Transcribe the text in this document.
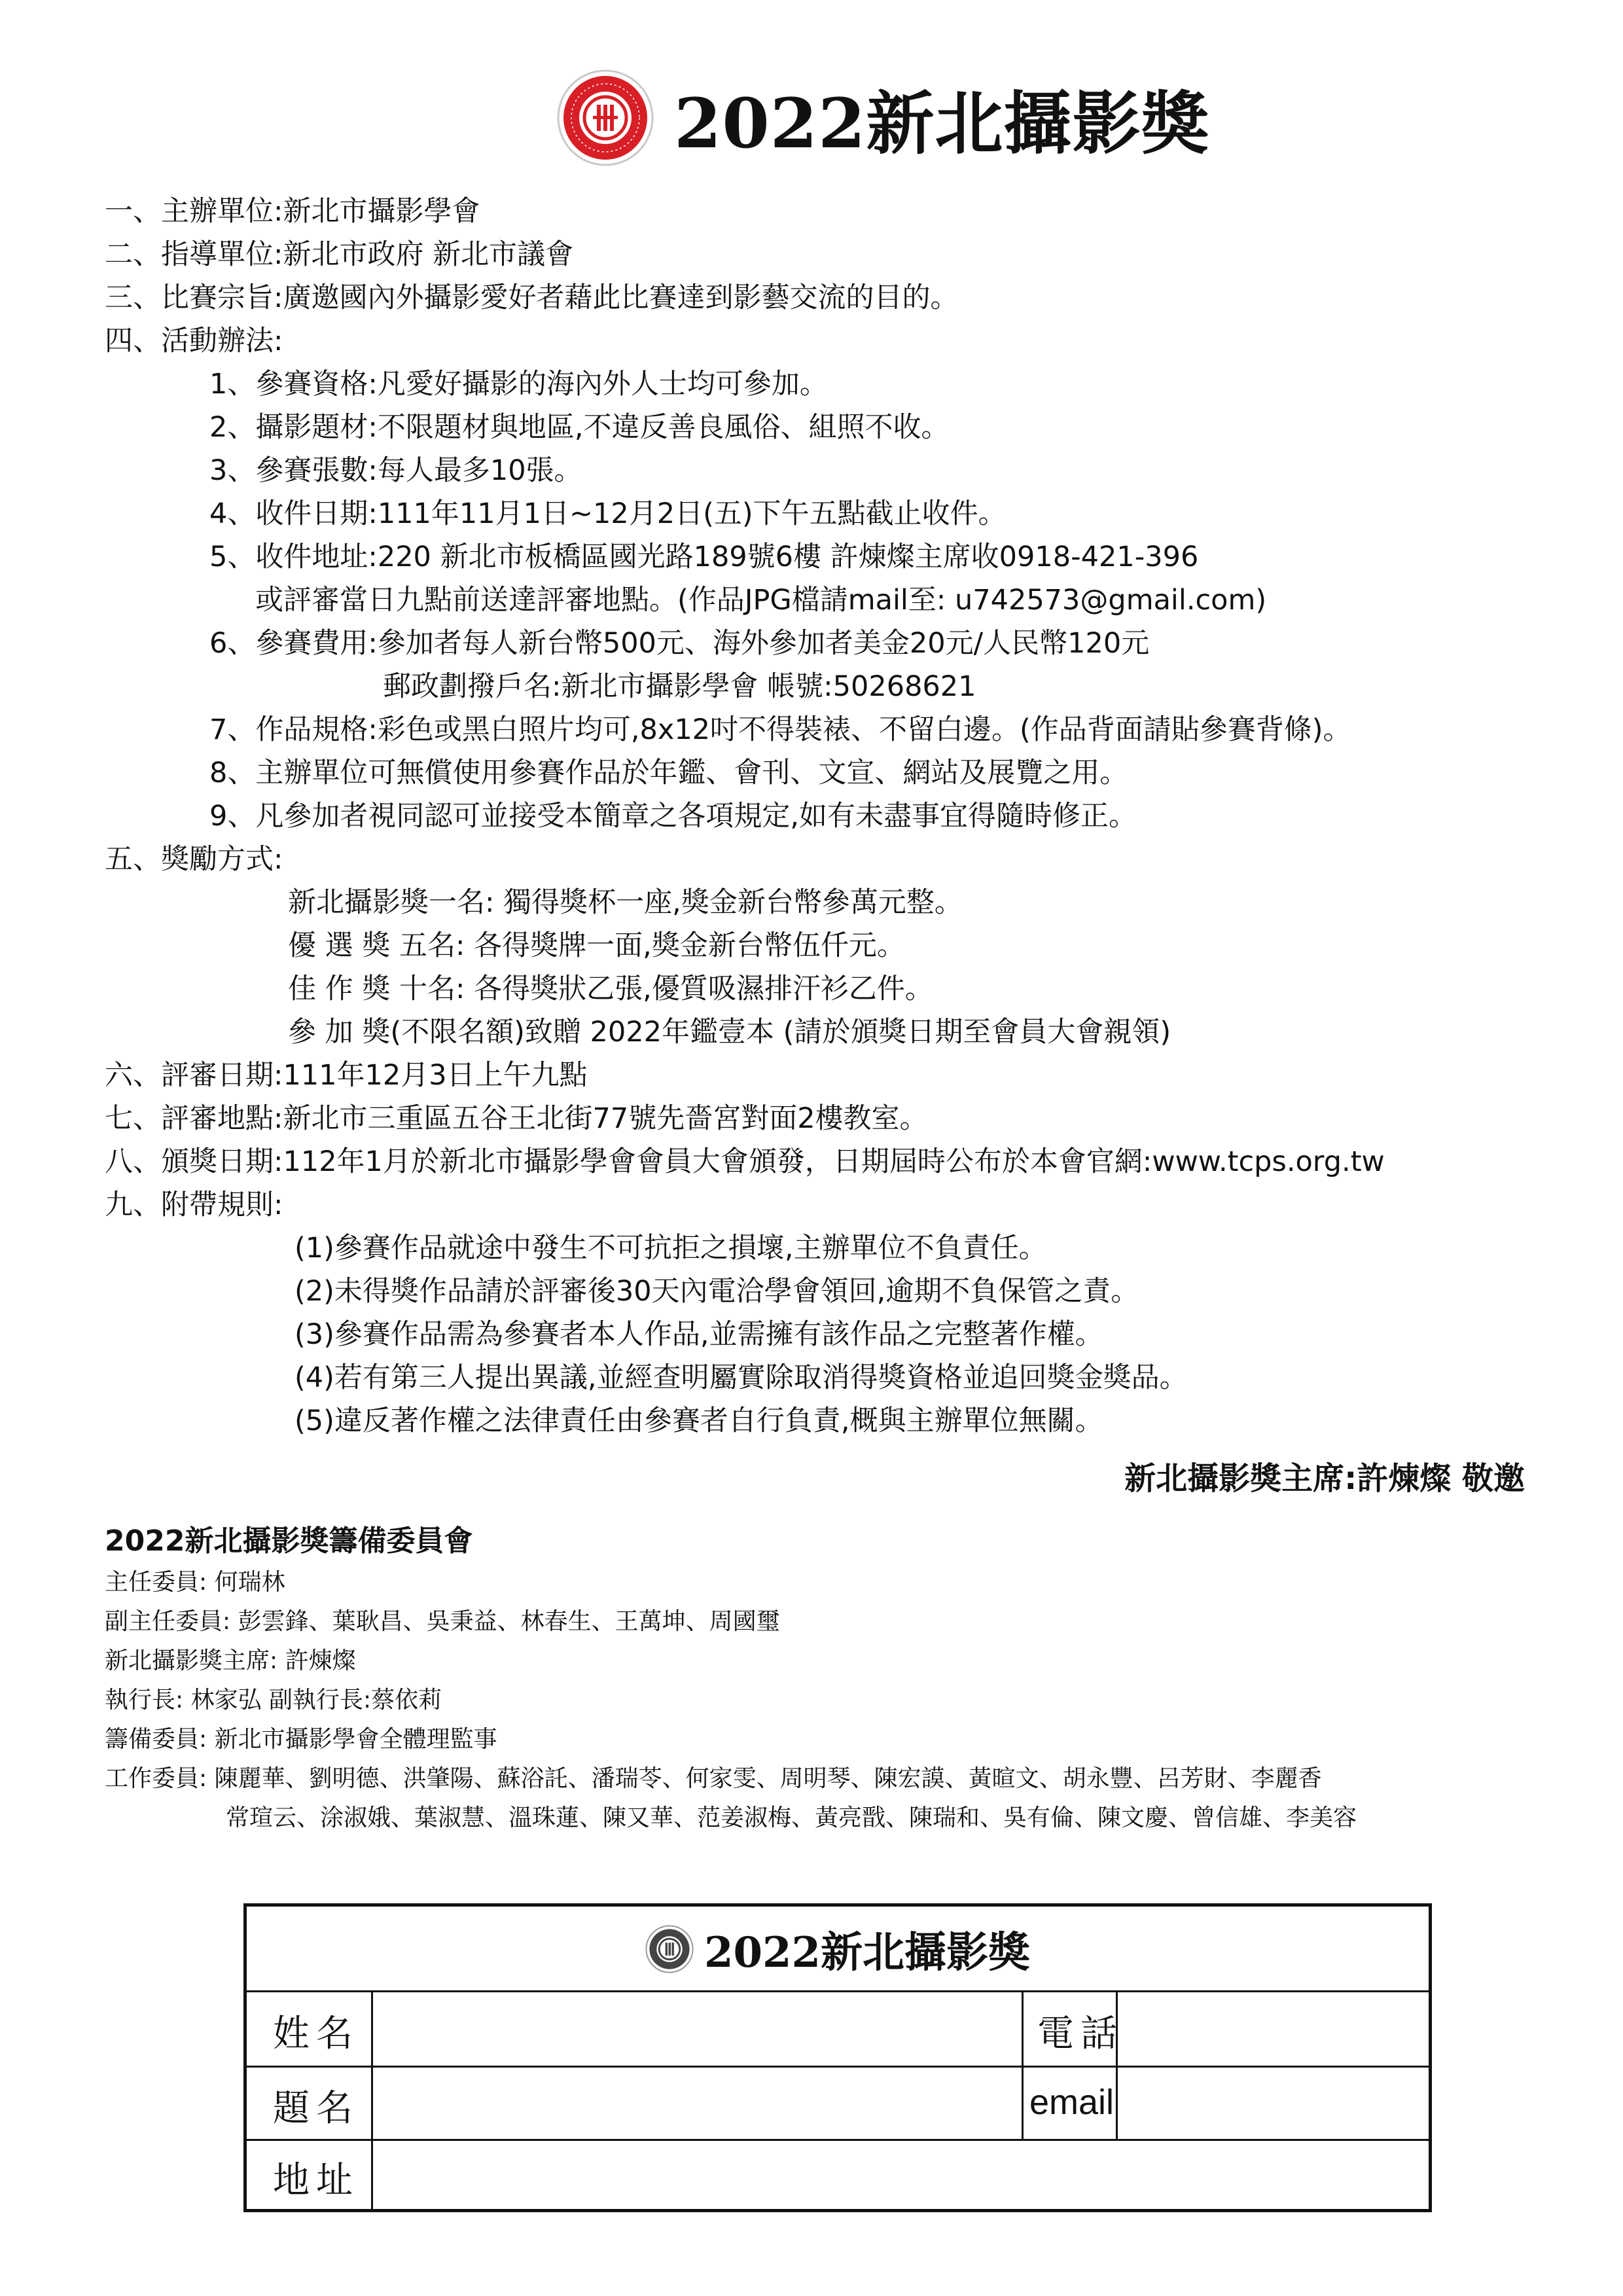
2022新北攝影獎
一、主辦單位:新北市攝影學會
二、指導單位:新北市政府 新北市議會
三、比賽宗旨:廣邀國內外攝影愛好者藉此比賽達到影藝交流的目的。
四、活動辦法:
1、參賽資格:凡愛好攝影的海內外人士均可參加。
2、攝影題材:不限題材與地區,不違反善良風俗、組照不收。
3、參賽張數:每人最多10張。
4、收件日期:111年11月1日~12月2日(五)下午五點截止收件。
5、收件地址:220 新北市板橋區國光路189號6樓 許煉燦主席收0918-421-396
或評審當日九點前送達評審地點。(作品JPG檔請mail至: u742573@gmail.com)
6、參賽費用:參加者每人新台幣500元、海外參加者美金20元/人民幣120元
郵政劃撥戶名:新北市攝影學會 帳號:50268621
7、作品規格:彩色或黑白照片均可,8x12吋不得裝裱、不留白邊。(作品背面請貼參賽背條)。
8、主辦單位可無償使用參賽作品於年鑑、會刊、文宣、網站及展覽之用。
9、凡參加者視同認可並接受本簡章之各項規定,如有未盡事宜得隨時修正。
五、獎勵方式:
新北攝影獎一名: 獨得獎杯一座,獎金新台幣參萬元整。
優 選 獎 五名: 各得獎牌一面,獎金新台幣伍仟元。
佳 作 獎 十名: 各得獎狀乙張,優質吸濕排汗衫乙件。
參 加 獎(不限名額)致贈 2022年鑑壹本 (請於頒獎日期至會員大會親領)
六、評審日期:111年12月3日上午九點
七、評審地點:新北市三重區五谷王北街77號先嗇宮對面2樓教室。
八、頒獎日期:112年1月於新北市攝影學會會員大會頒發，日期屆時公布於本會官網:www.tcps.org.tw
九、附帶規則:
(1)參賽作品就途中發生不可抗拒之損壞,主辦單位不負責任。
(2)未得獎作品請於評審後30天內電洽學會領回,逾期不負保管之責。
(3)參賽作品需為參賽者本人作品,並需擁有該作品之完整著作權。
(4)若有第三人提出異議,並經查明屬實除取消得獎資格並追回獎金獎品。
(5)違反著作權之法律責任由參賽者自行負責,概與主辦單位無關。
新北攝影獎主席:許煉燦 敬邀
2022新北攝影獎籌備委員會
主任委員: 何瑞林
副主任委員: 彭雲鋒、葉耿昌、吳秉益、林春生、王萬坤、周國璽
新北攝影獎主席: 許煉燦
執行長: 林家弘 副執行長:蔡依莉
籌備委員: 新北市攝影學會全體理監事
工作委員: 陳麗華、劉明德、洪肇陽、蘇浴託、潘瑞苓、何家雯、周明琴、陳宏謨、黃暄文、胡永豐、呂芳財、李麗香
常瑄云、涂淑娥、葉淑慧、溫珠蓮、陳又華、范姜淑梅、黃亮戬、陳瑞和、吳有倫、陳文慶、曾信雄、李美容
2022新北攝影獎
姓名	電話
題名	email
地址
